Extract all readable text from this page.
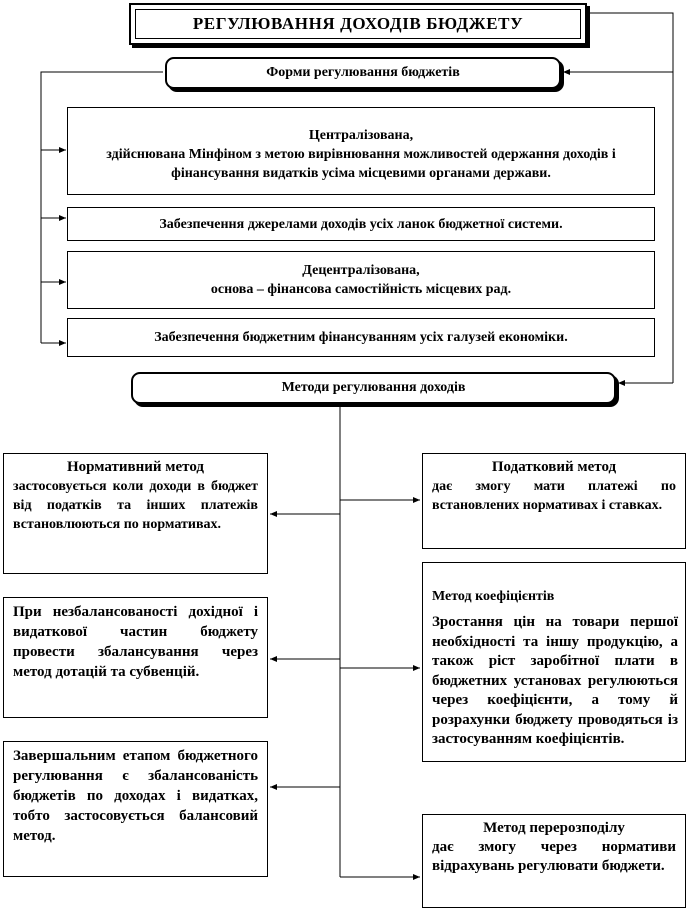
РЕГУЛЮВАННЯ ДОХОДІВ БЮДЖЕТУ
Форми регулювання бюджетів
Централізована,
здійснювана Мінфіном з метою вирівнювання можливостей одержання доходів і фінансування видатків усіма місцевими органами держави.
Забезпечення джерелами доходів усіх ланок бюджетної системи.
Децентралізована,
основа – фінансова самостійність місцевих рад.
Забезпечення бюджетним фінансуванням усіх галузей економіки.
Методи регулювання доходів
Нормативний метод
застосовується коли доходи в бюджет від податків та інших платежів встановлюються по нормативах.
Податковий метод
дає змогу мати платежі по встановлених нормативах і ставках.
При незбалансованості дохідної і видаткової частин бюджету провести збалансування через метод дотацій та субвенцій.
Метод коефіцієнтів
Зростання цін на товари першої необхідності та іншу продукцію, а також ріст заробітної плати в бюджетних установах регулюються через коефіцієнти, а тому й розрахунки бюджету проводяться із застосуванням коефіцієнтів.
Завершальним етапом бюджетного регулювання є збалансованість бюджетів по доходах і видатках, тобто застосовується балансовий метод.	Метод перерозподілу
дає змогу через нормативи відрахувань регулювати бюджети.
